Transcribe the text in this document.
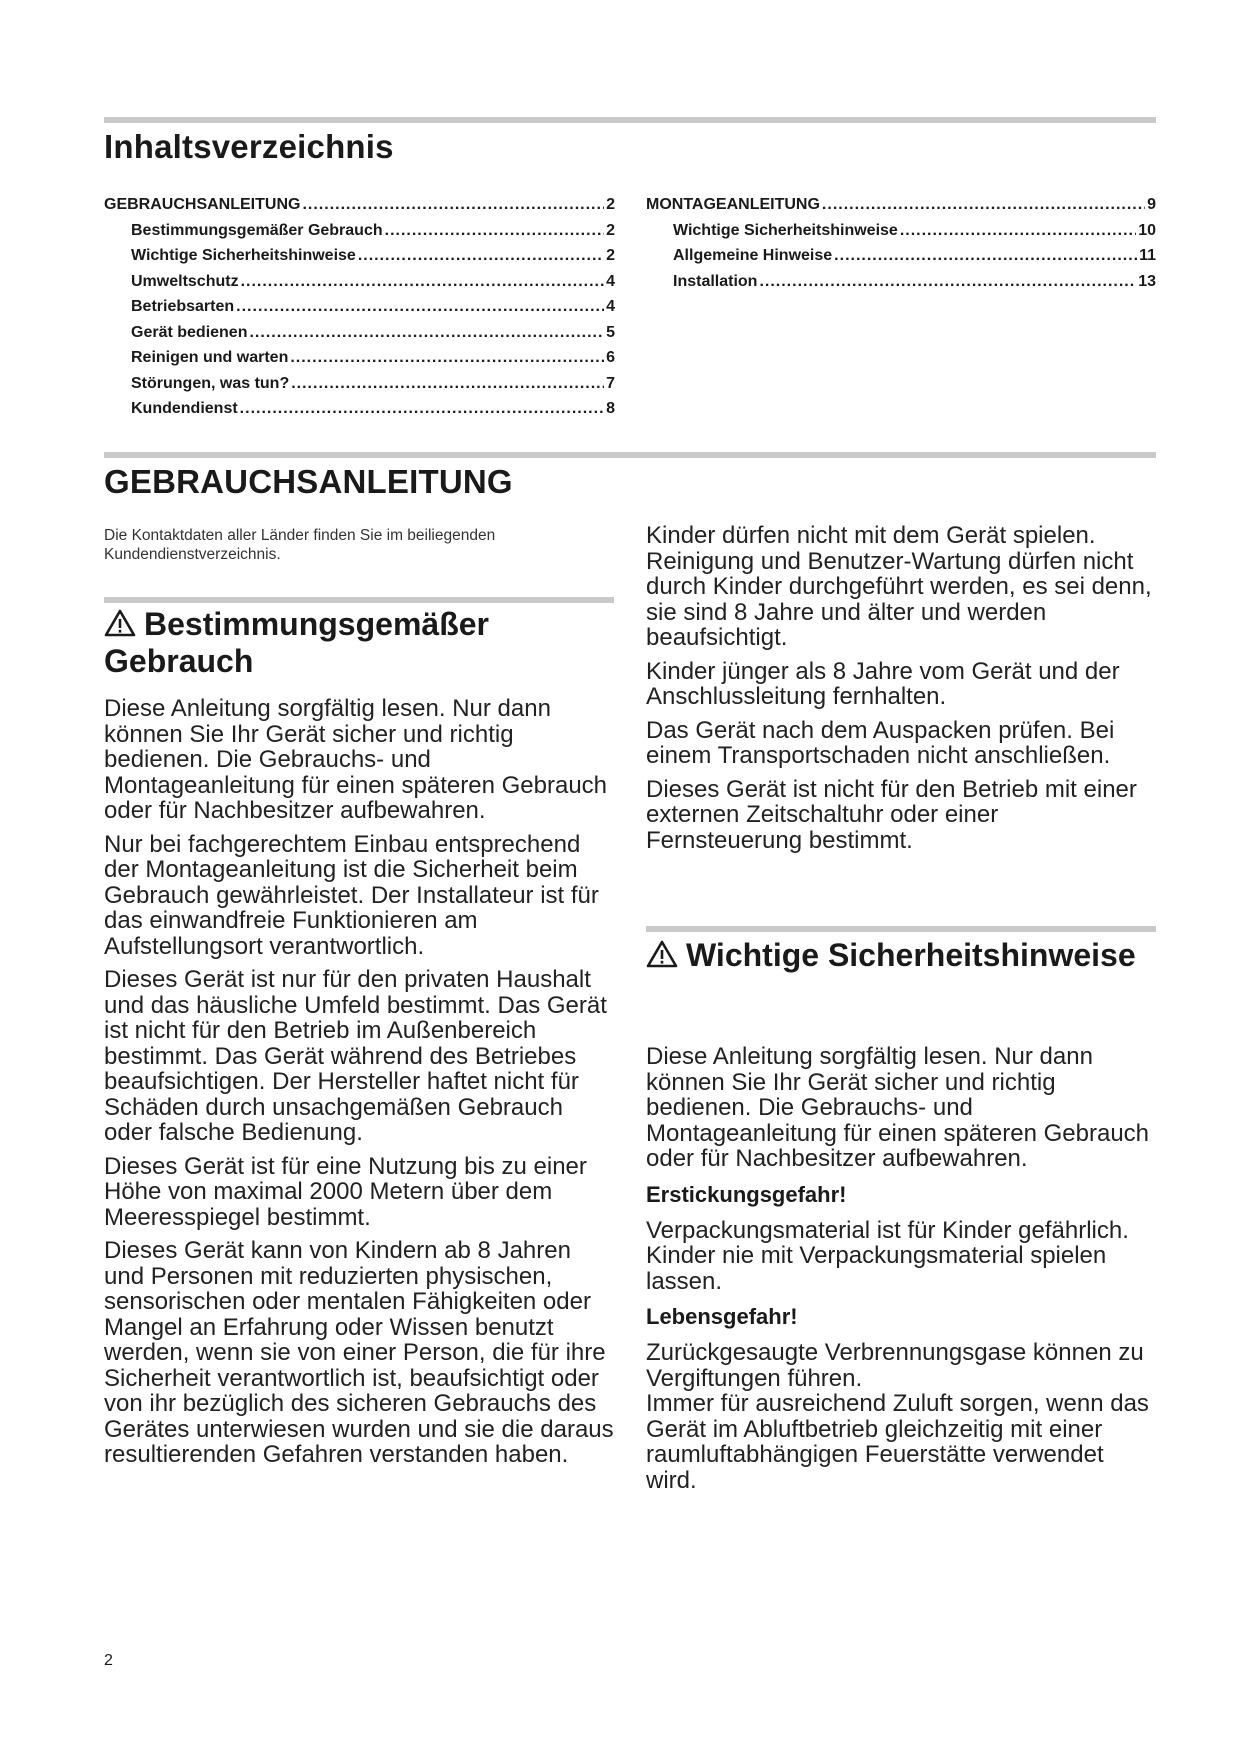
Inhaltsverzeichnis
GEBRAUCHSANLEITUNG .....	2
Bestimmungsgemäßer Gebrauch .....	2
Wichtige Sicherheitshinweise .....	2
Umweltschutz .....	4
Betriebsarten .....	4
Gerät bedienen .....	5
Reinigen und warten .....	6
Störungen, was tun? .....	7
Kundendienst .....	8
MONTAGEANLEITUNG .....	9
Wichtige Sicherheitshinweise .....	10
Allgemeine Hinweise .....	11
Installation .....	13
GEBRAUCHSANLEITUNG

Die Kontaktdaten aller Länder finden Sie im beiliegenden Kundendienstverzeichnis.

Bestimmungsgemäßer Gebrauch

Diese Anleitung sorgfältig lesen. Nur dann können Sie Ihr Gerät sicher und richtig bedienen. Die Gebrauchs- und Montageanleitung für einen späteren Gebrauch oder für Nachbesitzer aufbewahren.

Nur bei fachgerechtem Einbau entsprechend der Montageanleitung ist die Sicherheit beim Gebrauch gewährleistet. Der Installateur ist für das einwandfreie Funktionieren am Aufstellungsort verantwortlich.

Dieses Gerät ist nur für den privaten Haushalt und das häusliche Umfeld bestimmt. Das Gerät ist nicht für den Betrieb im Außenbereich bestimmt. Das Gerät während des Betriebes beaufsichtigen. Der Hersteller haftet nicht für Schäden durch unsachgemäßen Gebrauch oder falsche Bedienung.

Dieses Gerät ist für eine Nutzung bis zu einer Höhe von maximal 2000 Metern über dem Meeresspiegel bestimmt.

Dieses Gerät kann von Kindern ab 8 Jahren und Personen mit reduzierten physischen, sensorischen oder mentalen Fähigkeiten oder Mangel an Erfahrung oder Wissen benutzt werden, wenn sie von einer Person, die für ihre Sicherheit verantwortlich ist, beaufsichtigt oder von ihr bezüglich des sicheren Gebrauchs des Gerätes unterwiesen wurden und sie die daraus resultierenden Gefahren verstanden haben.

Kinder dürfen nicht mit dem Gerät spielen. Reinigung und Benutzer-Wartung dürfen nicht durch Kinder durchgeführt werden, es sei denn, sie sind 8 Jahre und älter und werden beaufsichtigt.

Kinder jünger als 8 Jahre vom Gerät und der Anschlussleitung fernhalten.

Das Gerät nach dem Auspacken prüfen. Bei einem Transportschaden nicht anschließen.

Dieses Gerät ist nicht für den Betrieb mit einer externen Zeitschaltuhr oder einer Fernsteuerung bestimmt.

Wichtige Sicherheitshinweise

Diese Anleitung sorgfältig lesen. Nur dann können Sie Ihr Gerät sicher und richtig bedienen. Die Gebrauchs- und Montageanleitung für einen späteren Gebrauch oder für Nachbesitzer aufbewahren.

Erstickungsgefahr!

Verpackungsmaterial ist für Kinder gefährlich. Kinder nie mit Verpackungsmaterial spielen lassen.

Lebensgefahr!

Zurückgesaugte Verbrennungsgase können zu Vergiftungen führen.

Immer für ausreichend Zuluft sorgen, wenn das Gerät im Abluftbetrieb gleichzeitig mit einer raumluftabhängigen Feuerstätte verwendet wird.

2
